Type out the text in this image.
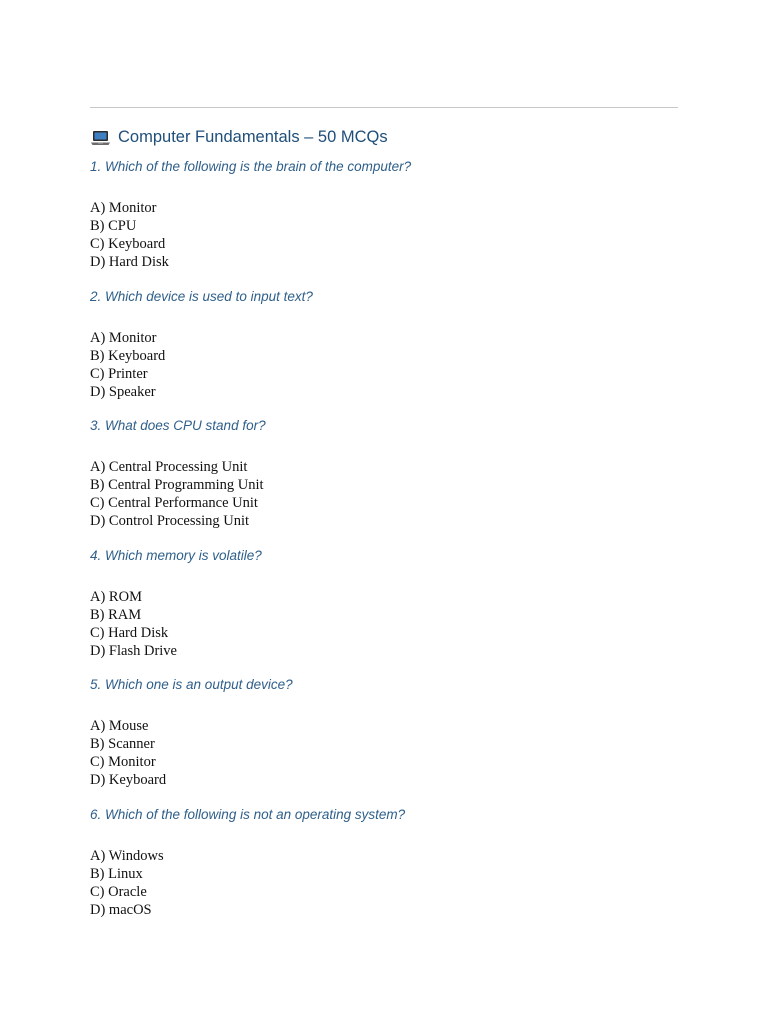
Computer Fundamentals – 50 MCQs
1. Which of the following is the brain of the computer?
A) Monitor
B) CPU
C) Keyboard
D) Hard Disk
2. Which device is used to input text?
A) Monitor
B) Keyboard
C) Printer
D) Speaker
3. What does CPU stand for?
A) Central Processing Unit
B) Central Programming Unit
C) Central Performance Unit
D) Control Processing Unit
4. Which memory is volatile?
A) ROM
B) RAM
C) Hard Disk
D) Flash Drive
5. Which one is an output device?
A) Mouse
B) Scanner
C) Monitor
D) Keyboard
6. Which of the following is not an operating system?
A) Windows
B) Linux
C) Oracle
D) macOS
